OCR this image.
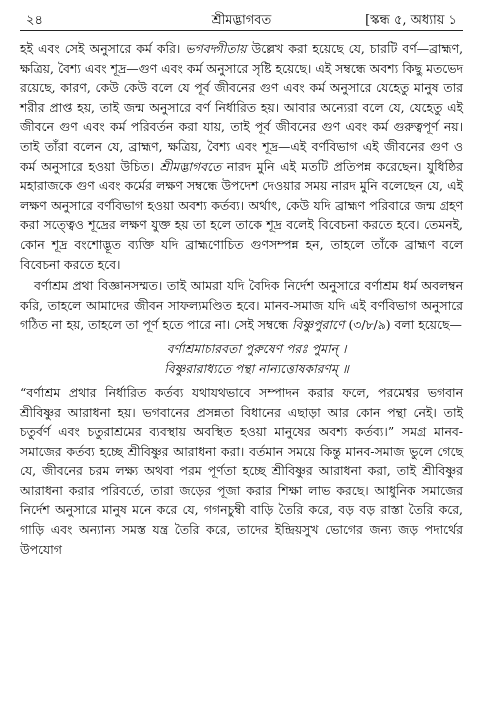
২৪	শ্রীমদ্ভাগবত	[স্কন্ধ ৫, অধ্যায় ১

হই এবং সেই অনুসারে কর্ম করি। ভগবদ্গীতায় উল্লেখ করা হয়েছে যে, চারটি বর্ণ—ব্রাহ্মণ, ক্ষত্রিয়, বৈশ্য এবং শূদ্র—গুণ এবং কর্ম অনুসারে সৃষ্টি হয়েছে। এই সম্বন্ধে অবশ্য কিছু মতভেদ রয়েছে, কারণ, কেউ কেউ বলে যে পূর্ব জীবনের গুণ এবং কর্ম অনুসারে যেহেতু মানুষ তার শরীর প্রাপ্ত হয়, তাই জন্ম অনুসারে বর্ণ নির্ধারিত হয়। আবার অন্যেরা বলে যে, যেহেতু এই জীবনে গুণ এবং কর্ম পরিবর্তন করা যায়, তাই পূর্ব জীবনের গুণ এবং কর্ম গুরুত্বপূর্ণ নয়। তাই তাঁরা বলেন যে, ব্রাহ্মণ, ক্ষত্রিয়, বৈশ্য এবং শূদ্র—এই বর্ণবিভাগ এই জীবনের গুণ ও কর্ম অনুসারে হওয়া উচিত। শ্রীমদ্ভাগবতে নারদ মুনি এই মতটি প্রতিপন্ন করেছেন। যুধিষ্ঠির মহারাজকে গুণ এবং কর্মের লক্ষণ সম্বন্ধে উপদেশ দেওয়ার সময় নারদ মুনি বলেছেন যে, এই লক্ষণ অনুসারে বর্ণবিভাগ হওয়া অবশ্য কর্তব্য। অর্থাৎ, কেউ যদি ব্রাহ্মণ পরিবারে জন্ম গ্রহণ করা সত্ত্বেও শূদ্রের লক্ষণ যুক্ত হয় তা হলে তাকে শূদ্র বলেই বিবেচনা করতে হবে। তেমনই, কোন শূদ্র বংশোদ্ভূত ব্যক্তি যদি ব্রাহ্মণোচিত গুণসম্পন্ন হন, তাহলে তাঁকে ব্রাহ্মণ বলে বিবেচনা করতে হবে।

বর্ণাশ্রম প্রথা বিজ্ঞানসম্মত। তাই আমরা যদি বৈদিক নির্দেশ অনুসারে বর্ণাশ্রম ধর্ম অবলম্বন করি, তাহলে আমাদের জীবন সাফল্যমণ্ডিত হবে। মানব-সমাজ যদি এই বর্ণবিভাগ অনুসারে গঠিত না হয়, তাহলে তা পূর্ণ হতে পারে না। সেই সম্বন্ধে বিষ্ণুপুরাণে (৩/৮/৯) বলা হয়েছে—

বর্ণাশ্রমাচারবতা পুরুষেণ পরঃ পুমান্ ।
বিষ্ণুরারাধ্যতে পন্থা নান্যত্তোষকারণম্ ॥

“বর্ণাশ্রম প্রথার নির্ধারিত কর্তব্য যথাযথভাবে সম্পাদন করার ফলে, পরমেশ্বর ভগবান শ্রীবিষ্ণুর আরাধনা হয়। ভগবানের প্রসন্নতা বিধানের এছাড়া আর কোন পন্থা নেই। তাই চতুর্বর্ণ এবং চতুরাশ্রমের ব্যবস্থায় অবস্থিত হওয়া মানুষের অবশ্য কর্তব্য।” সমগ্র মানব-সমাজের কর্তব্য হচ্ছে শ্রীবিষ্ণুর আরাধনা করা। বর্তমান সময়ে কিন্তু মানব-সমাজ ভুলে গেছে যে, জীবনের চরম লক্ষ্য অথবা পরম পূর্ণতা হচ্ছে শ্রীবিষ্ণুর আরাধনা করা, তাই শ্রীবিষ্ণুর আরাধনা করার পরিবর্তে, তারা জড়ের পূজা করার শিক্ষা লাভ করছে। আধুনিক সমাজের নির্দেশ অনুসারে মানুষ মনে করে যে, গগনচুম্বী বাড়ি তৈরি করে, বড় বড় রাস্তা তৈরি করে, গাড়ি এবং অন্যান্য সমস্ত যন্ত্র তৈরি করে, তাদের ইন্দ্রিয়সুখ ভোগের জন্য জড় পদার্থের উপযোগ
